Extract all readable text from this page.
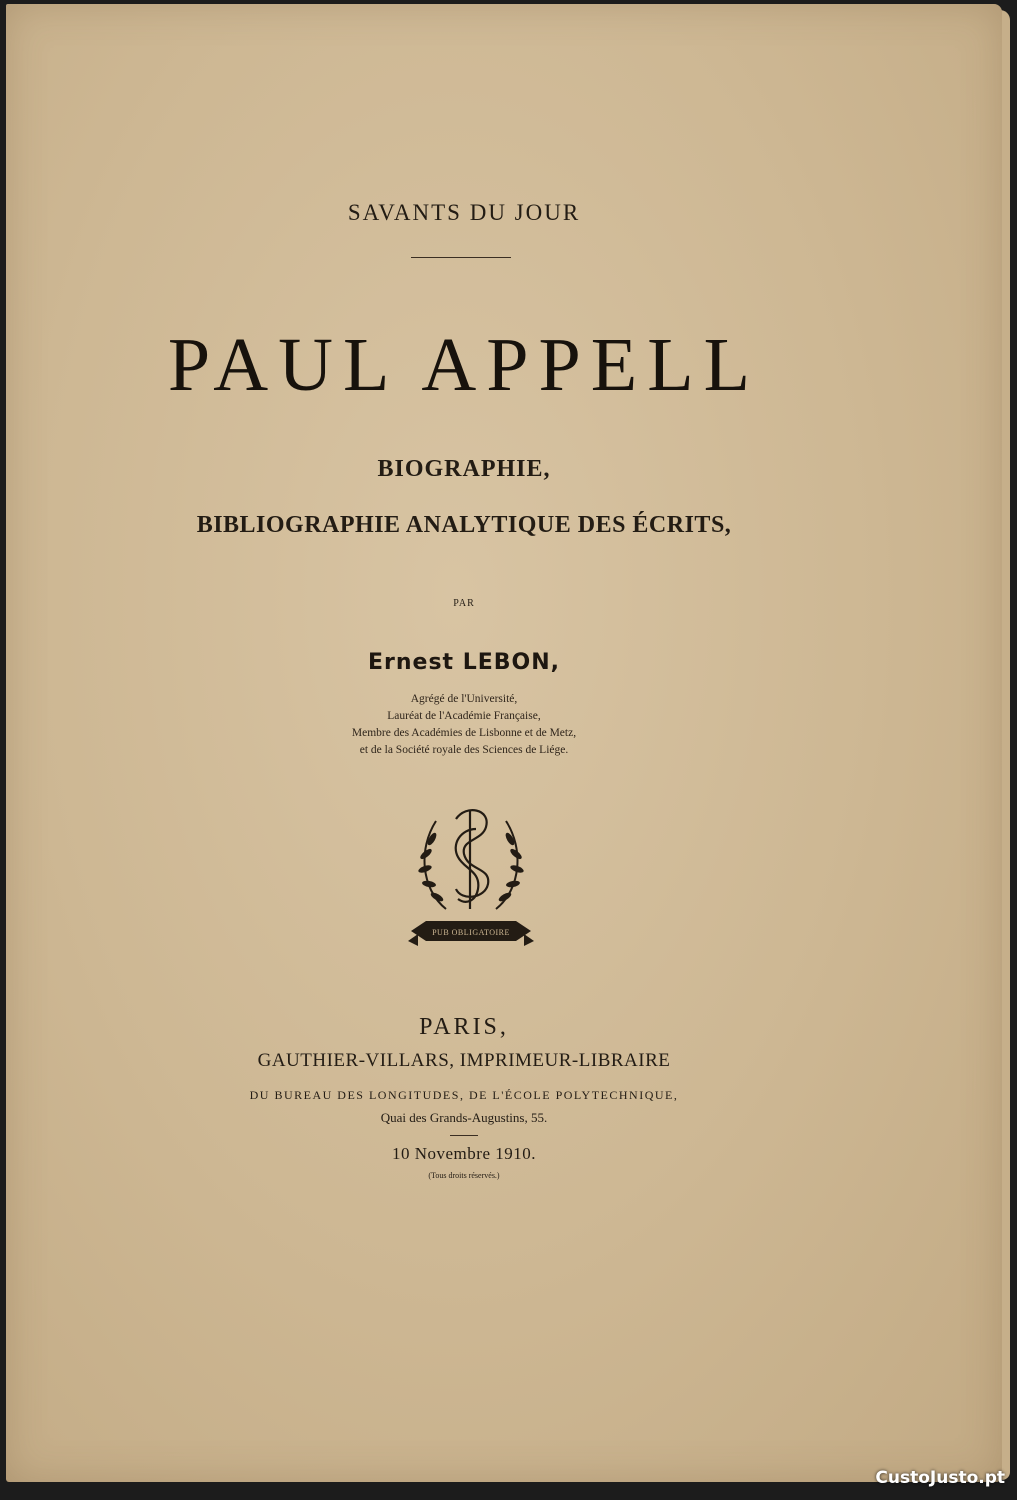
SAVANTS DU JOUR
PAUL APPELL
BIOGRAPHIE,
BIBLIOGRAPHIE ANALYTIQUE DES ÉCRITS,
PAR
Ernest LEBON,
Agrégé de l'Université,
Lauréat de l'Académie Française,
Membre des Académies de Lisbonne et de Metz,
et de la Société royale des Sciences de Liége.
PUB OBLIGATOIRE
PARIS,
GAUTHIER-VILLARS, IMPRIMEUR-LIBRAIRE
DU BUREAU DES LONGITUDES, DE L'ÉCOLE POLYTECHNIQUE,
Quai des Grands-Augustins, 55.
10 Novembre 1910.
(Tous droits réservés.)
CustoJusto.pt
